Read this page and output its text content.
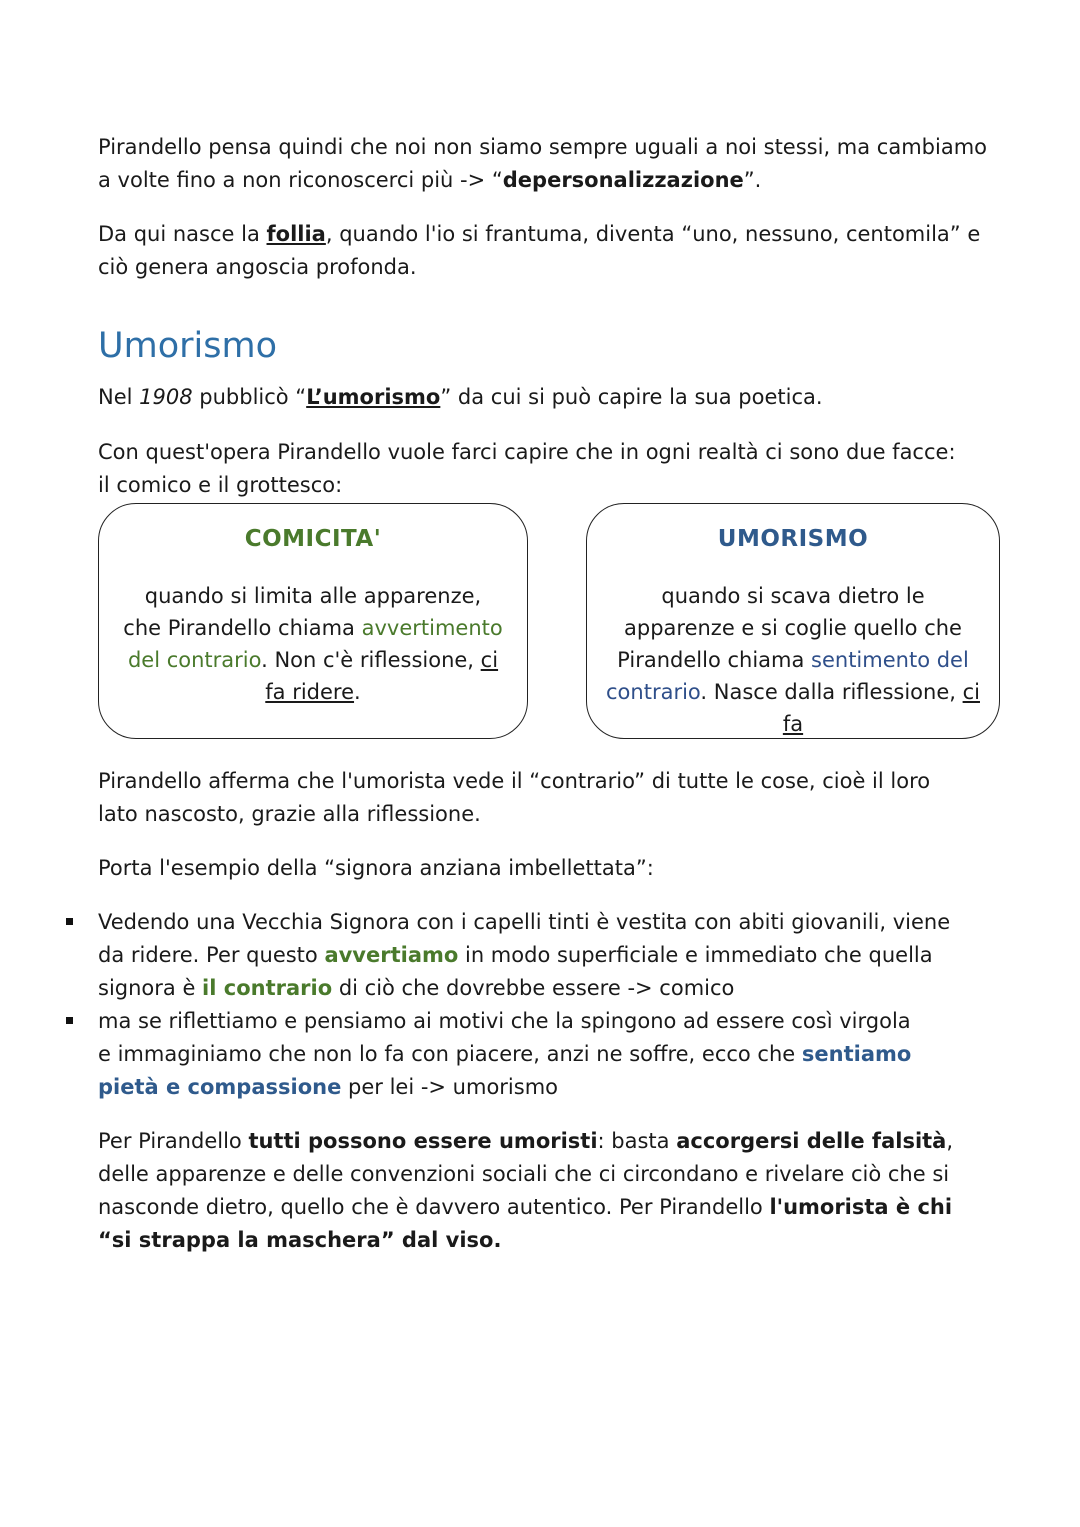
Pirandello pensa quindi che noi non siamo sempre uguali a noi stessi, ma cambiamo a volte fino a non riconoscerci più -> “depersonalizzazione”.

Da qui nasce la follia, quando l'io si frantuma, diventa “uno, nessuno, centomila” e ciò genera angoscia profonda.

Umorismo

Nel 1908 pubblicò “L’umorismo” da cui si può capire la sua poetica.

Con quest'opera Pirandello vuole farci capire che in ogni realtà ci sono due facce: il comico e il grottesco:

COMICITA'
quando si limita alle apparenze, che Pirandello chiama avvertimento del contrario. Non c'è riflessione, ci fa ridere.
UMORISMO
quando si scava dietro le apparenze e si coglie quello che Pirandello chiama sentimento del contrario. Nasce dalla riflessione, ci fa

Pirandello afferma che l'umorista vede il “contrario” di tutte le cose, cioè il loro lato nascosto, grazie alla riflessione.

Porta l'esempio della “signora anziana imbellettata”:

Vedendo una Vecchia Signora con i capelli tinti è vestita con abiti giovanili, viene da ridere. Per questo avvertiamo in modo superficiale e immediato che quella signora è il contrario di ciò che dovrebbe essere -> comico

ma se riflettiamo e pensiamo ai motivi che la spingono ad essere così virgola e immaginiamo che non lo fa con piacere, anzi ne soffre, ecco che sentiamo pietà e compassione per lei -> umorismo

Per Pirandello tutti possono essere umoristi: basta accorgersi delle falsità, delle apparenze e delle convenzioni sociali che ci circondano e rivelare ciò che si nasconde dietro, quello che è davvero autentico. Per Pirandello l'umorista è chi “si strappa la maschera” dal viso.
